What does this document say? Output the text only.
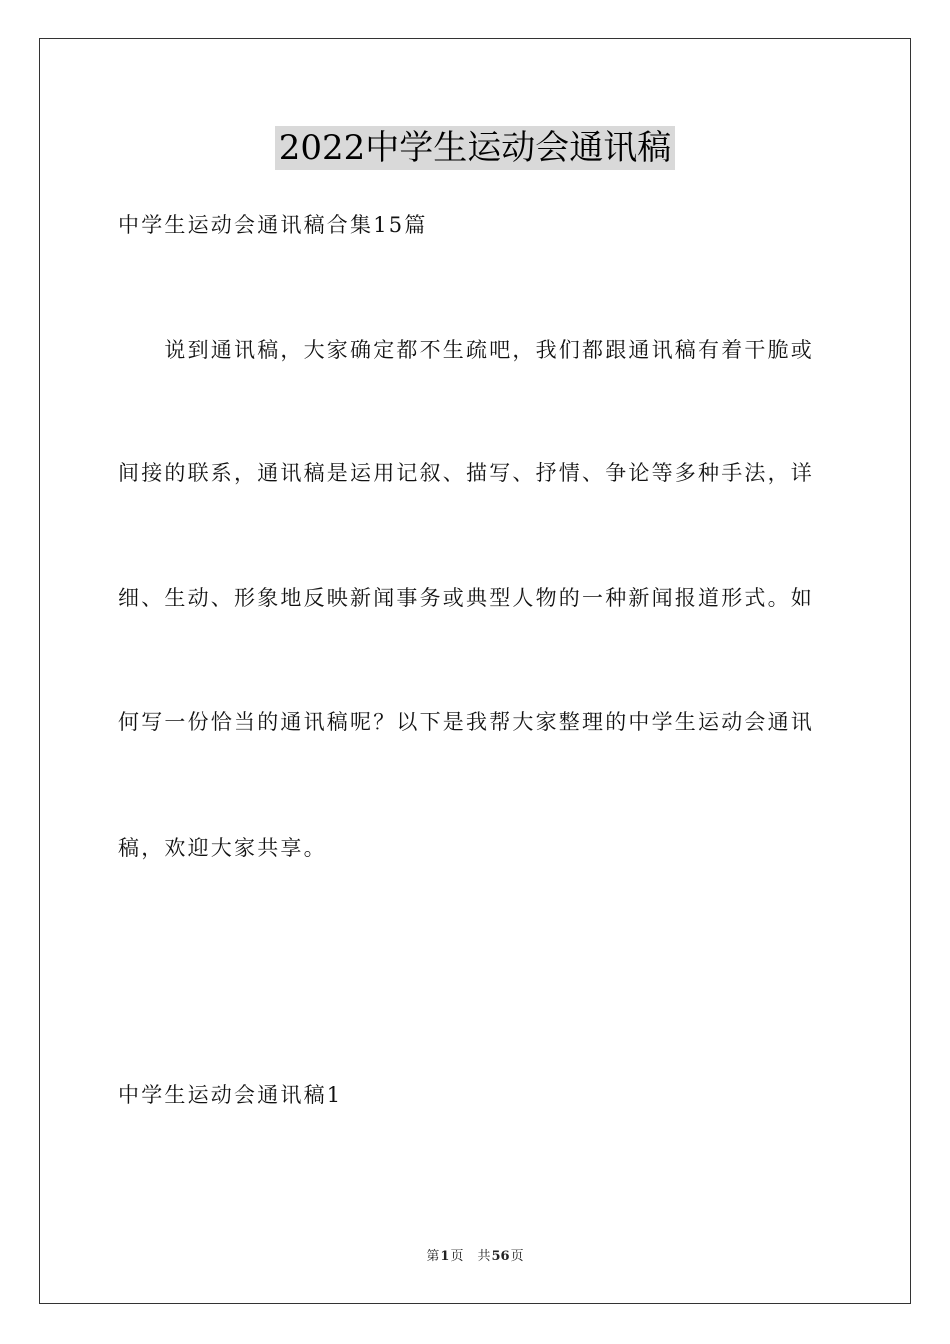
2022中学生运动会通讯稿
中学生运动会通讯稿合集15篇
　　说到通讯稿，大家确定都不生疏吧，我们都跟通讯稿有着干脆或
间接的联系，通讯稿是运用记叙、描写、抒情、争论等多种手法，详
细、生动、形象地反映新闻事务或典型人物的一种新闻报道形式。如
何写一份恰当的通讯稿呢？以下是我帮大家整理的中学生运动会通讯
稿，欢迎大家共享。
中学生运动会通讯稿1
第1页 共56页
